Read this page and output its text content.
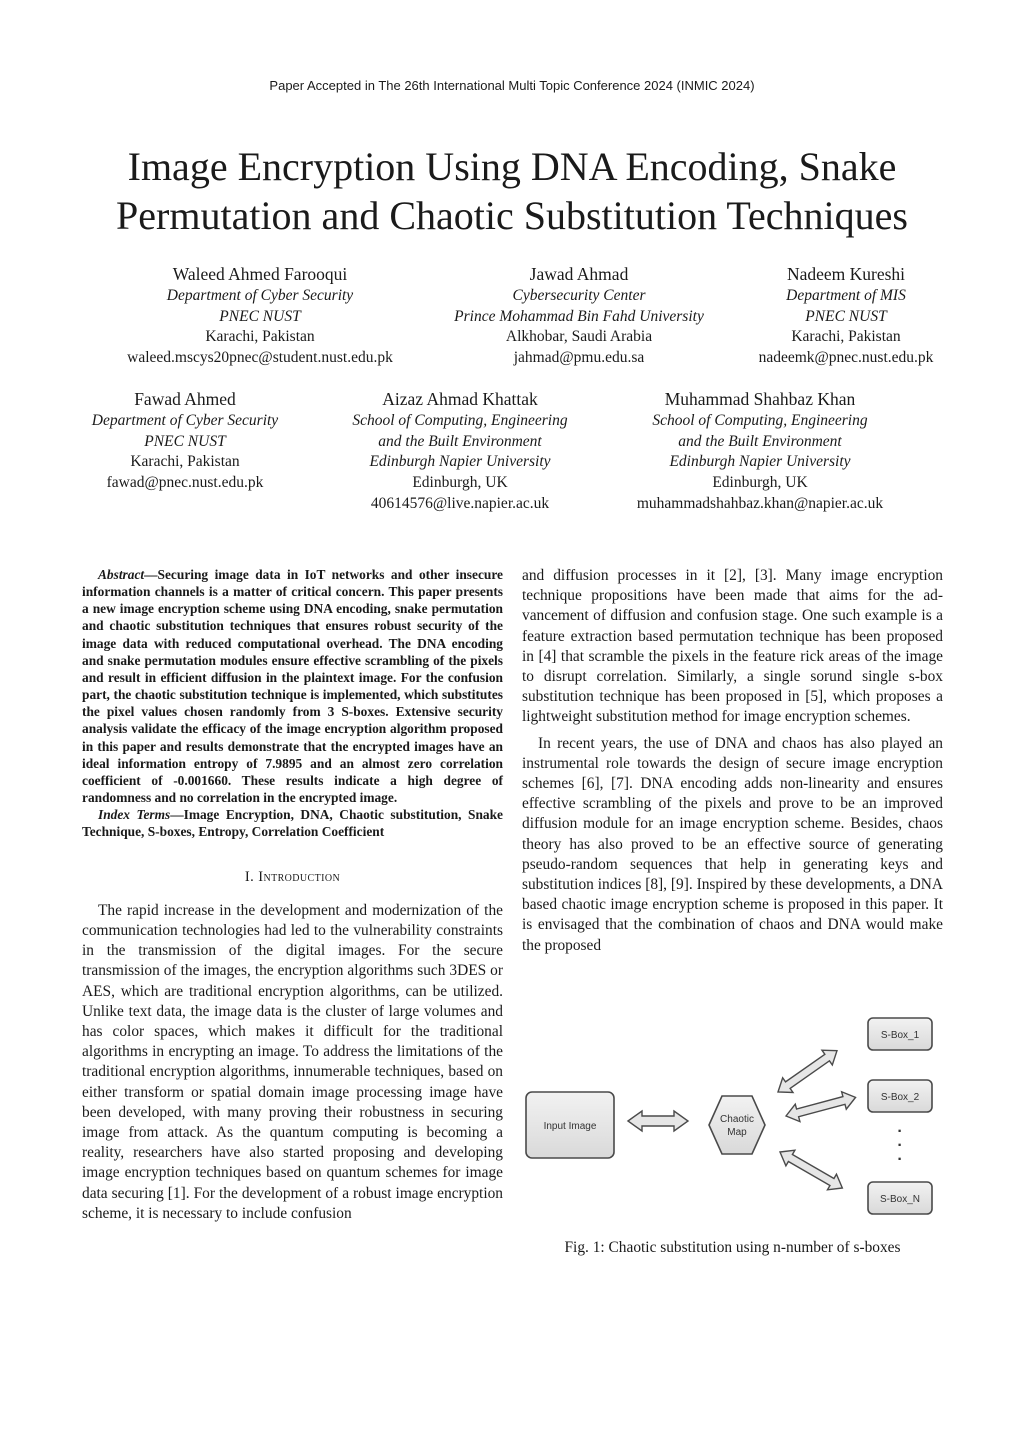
Paper Accepted in The 26th International Multi Topic Conference 2024 (INMIC 2024)
Image Encryption Using DNA Encoding, Snake Permutation and Chaotic Substitution Techniques
Waleed Ahmed Farooqui
Department of Cyber Security
PNEC NUST
Karachi, Pakistan
waleed.mscys20pnec@student.nust.edu.pk
Jawad Ahmad
Cybersecurity Center
Prince Mohammad Bin Fahd University
Alkhobar, Saudi Arabia
jahmad@pmu.edu.sa
Nadeem Kureshi
Department of MIS
PNEC NUST
Karachi, Pakistan
nadeemk@pnec.nust.edu.pk
Fawad Ahmed
Department of Cyber Security
PNEC NUST
Karachi, Pakistan
fawad@pnec.nust.edu.pk
Aizaz Ahmad Khattak
School of Computing, Engineering
and the Built Environment
Edinburgh Napier University
Edinburgh, UK
40614576@live.napier.ac.uk
Muhammad Shahbaz Khan
School of Computing, Engineering
and the Built Environment
Edinburgh Napier University
Edinburgh, UK
muhammadshahbaz.khan@napier.ac.uk

Abstract—Securing image data in IoT networks and other insecure information channels is a matter of critical concern. This paper presents a new image encryption scheme using DNA encoding, snake permutation and chaotic substitution techniques that ensures robust security of the image data with reduced computational overhead. The DNA encoding and snake permutation modules ensure effective scrambling of the pixels and result in efficient diffusion in the plaintext image. For the confusion part, the chaotic substitution technique is implemented, which substitutes the pixel values chosen randomly from 3 S-boxes. Extensive security analysis validate the efficacy of the image encryption algorithm proposed in this paper and results demonstrate that the encrypted images have an ideal information entropy of 7.9895 and an almost zero correlation coefficient of -0.001660. These results indicate a high degree of randomness and no correlation in the encrypted image.

Index Terms—Image Encryption, DNA, Chaotic substitution, Snake Technique, S-boxes, Entropy, Correlation Coefficient

I. Introduction

The rapid increase in the development and modernization of the communication technologies had led to the vulnerability constraints in the transmission of the digital images. For the secure transmission of the images, the encryption algorithms such 3DES or AES, which are traditional encryption algorithms, can be utilized. Unlike text data, the image data is the cluster of large volumes and has color spaces, which makes it difficult for the traditional algorithms in encrypting an image. To address the limitations of the traditional encryption algorithms, innumerable techniques, based on either transform or spatial domain image processing image have been developed, with many proving their robustness in securing image from attack. As the quantum computing is becoming a reality, researchers have also started proposing and developing image encryption techniques based on quantum schemes for image data securing [1]. For the development of a robust image encryption scheme, it is necessary to include confusion

and diffusion processes in it [2], [3]. Many image encryption technique propositions have been made that aims for the advancement of diffusion and confusion stage. One such example is a feature extraction based permutation technique has been proposed in [4] that scramble the pixels in the feature rick areas of the image to disrupt correlation. Similarly, a single sorund single s-box substitution technique has been proposed in [5], which proposes a lightweight substitution method for image encryption schemes.

In recent years, the use of DNA and chaos has also played an instrumental role towards the design of secure image encryption schemes [6], [7]. DNA encoding adds non-linearity and ensures effective scrambling of the pixels and prove to be an improved diffusion module for an image encryption scheme. Besides, chaos theory has also proved to be an effective source of generating pseudo-random sequences that help in generating keys and substitution indices [8], [9]. Inspired by these developments, a DNA based chaotic image encryption scheme is proposed in this paper. It is envisaged that the combination of chaos and DNA would make the proposed

Input Image
Chaotic
Map
S-Box_1
S-Box_2
·
·
·
S-Box_N
Fig. 1: Chaotic substitution using n-number of s-boxes
